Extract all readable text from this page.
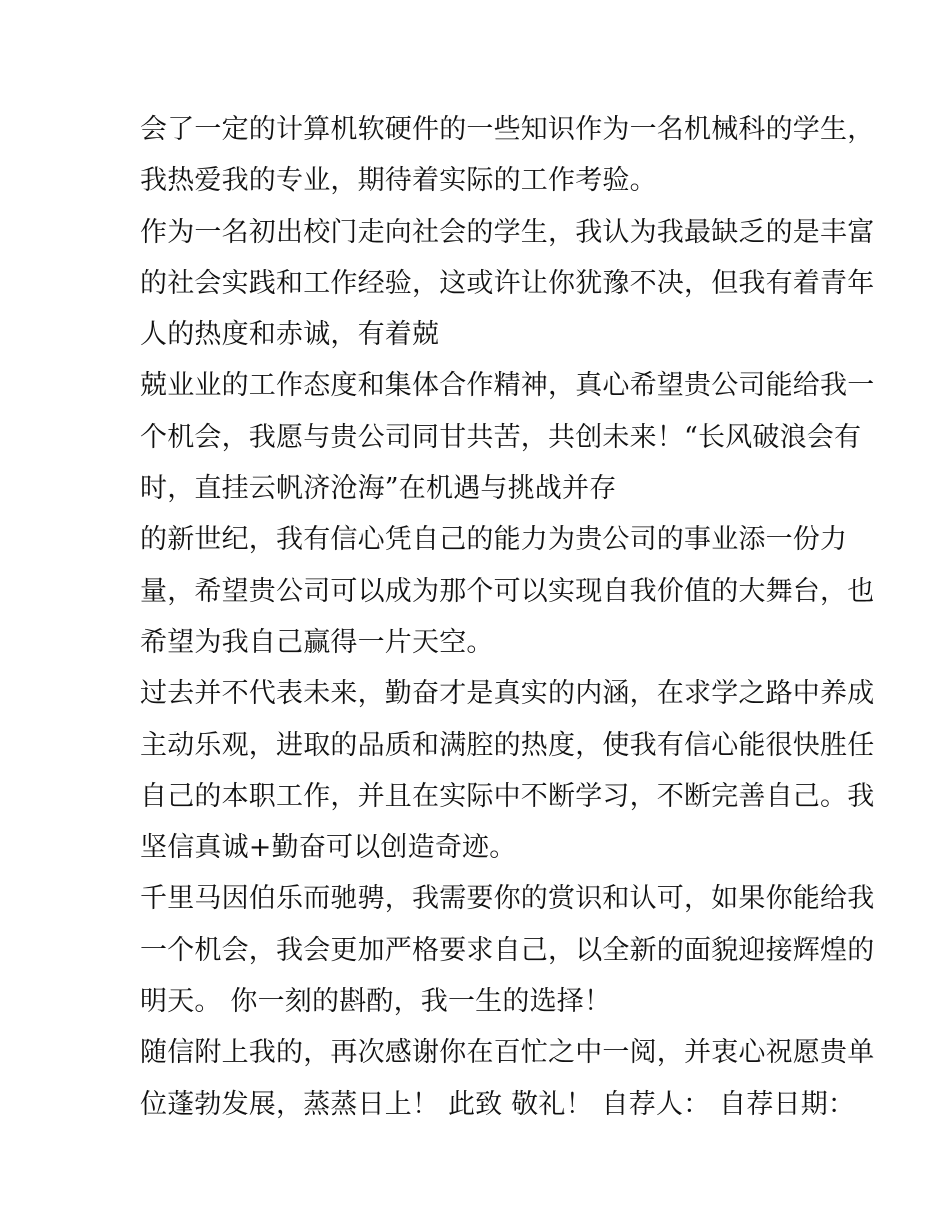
会了一定的计算机软硬件的一些知识作为一名机械科的学生，
我热爱我的专业，期待着实际的工作考验。

作为一名初出校门走向社会的学生，我认为我最缺乏的是丰富
的社会实践和工作经验，这或许让你犹豫不决，但我有着青年
人的热度和赤诚，有着兢

兢业业的工作态度和集体合作精神，真心希望贵公司能给我一
个机会，我愿与贵公司同甘共苦，共创未来！“长风破浪会有
时，直挂云帆济沧海”在机遇与挑战并存

的新世纪，我有信心凭自己的能力为贵公司的事业添一份力
量，希望贵公司可以成为那个可以实现自我价值的大舞台，也
希望为我自己赢得一片天空。

过去并不代表未来，勤奋才是真实的内涵，在求学之路中养成
主动乐观，进取的品质和满腔的热度，使我有信心能很快胜任
自己的本职工作，并且在实际中不断学习，不断完善自己。我
坚信真诚+勤奋可以创造奇迹。

千里马因伯乐而驰骋，我需要你的赏识和认可，如果你能给我
一个机会，我会更加严格要求自己，以全新的面貌迎接辉煌的
明天。 你一刻的斟酌，我一生的选择！

随信附上我的，再次感谢你在百忙之中一阅，并衷心祝愿贵单
位蓬勃发展，蒸蒸日上！ 此致 敬礼！ 自荐人： 自荐日期：
